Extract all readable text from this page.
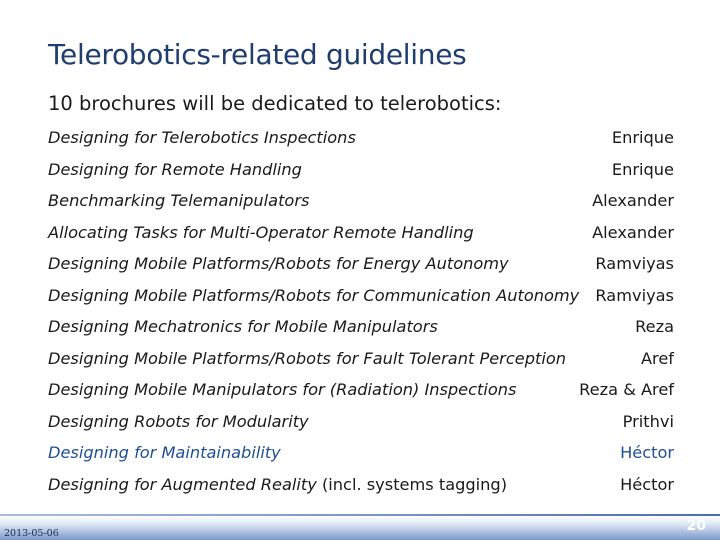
Telerobotics-related guidelines
10 brochures will be dedicated to telerobotics:
Designing for Telerobotics Inspections	Enrique
Designing for Remote Handling	Enrique
Benchmarking Telemanipulators	Alexander
Allocating Tasks for Multi-Operator Remote Handling	Alexander
Designing Mobile Platforms/Robots for Energy Autonomy	Ramviyas
Designing Mobile Platforms/Robots for Communication Autonomy Ramviyas
Designing Mechatronics for Mobile Manipulators	Reza
Designing Mobile Platforms/Robots for Fault Tolerant Perception	Aref
Designing Mobile Manipulators for (Radiation) Inspections	Reza & Aref
Designing Robots for Modularity	Prithvi
Designing for Maintainability	Héctor
Designing for Augmented Reality (incl. systems tagging)	Héctor
2013-05-06	20
